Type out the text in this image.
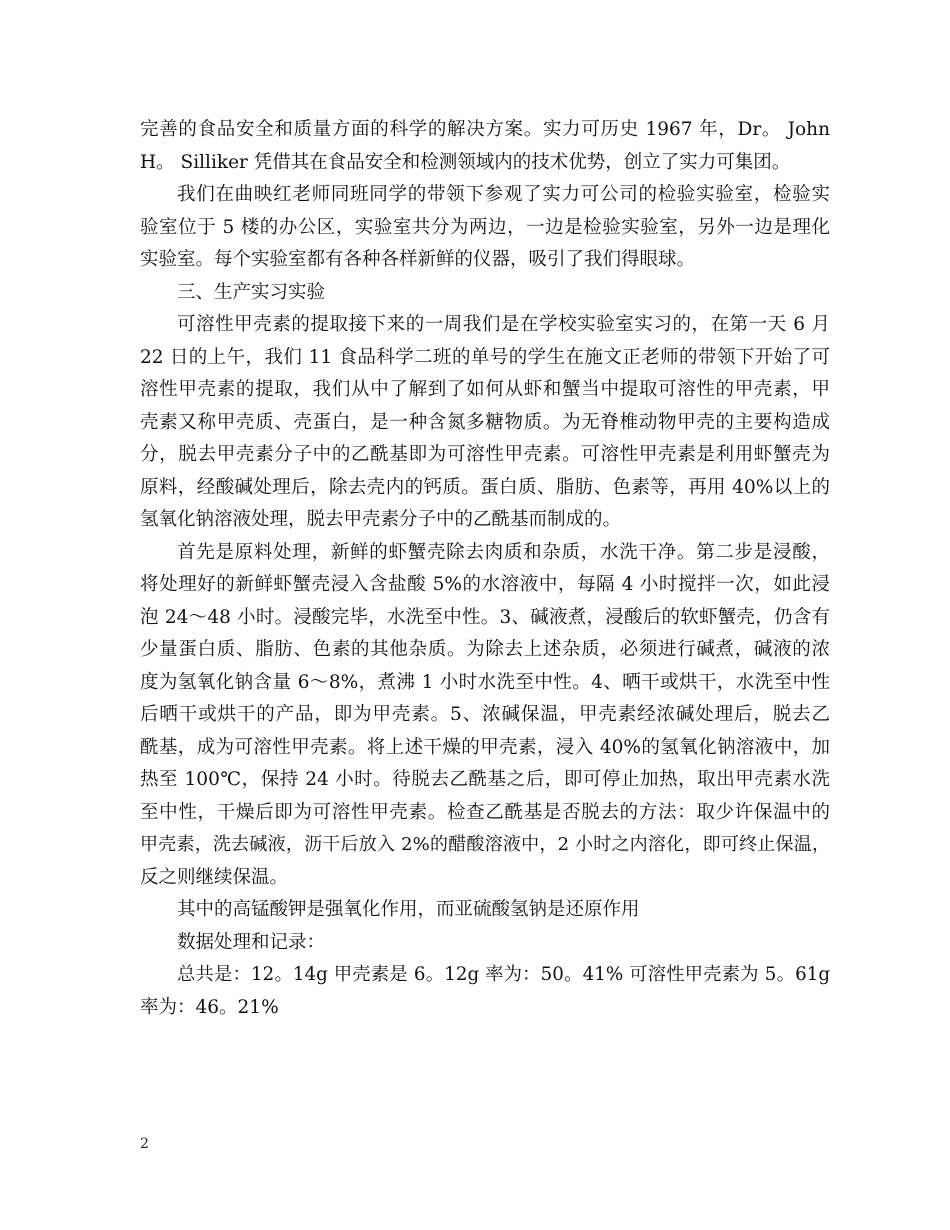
完善的食品安全和质量方面的科学的解决方案。实力可历史 1967 年，Dr。 John
H。 Silliker 凭借其在食品安全和检测领域内的技术优势，创立了实力可集团。
我们在曲映红老师同班同学的带领下参观了实力可公司的检验实验室，检验实
验室位于 5 楼的办公区，实验室共分为两边，一边是检验实验室，另外一边是理化
实验室。每个实验室都有各种各样新鲜的仪器，吸引了我们得眼球。
三、生产实习实验
可溶性甲壳素的提取接下来的一周我们是在学校实验室实习的，在第一天 6 月
22 日的上午，我们 11 食品科学二班的单号的学生在施文正老师的带领下开始了可
溶性甲壳素的提取，我们从中了解到了如何从虾和蟹当中提取可溶性的甲壳素，甲
壳素又称甲壳质、壳蛋白，是一种含氮多糖物质。为无脊椎动物甲壳的主要构造成
分，脱去甲壳素分子中的乙酰基即为可溶性甲壳素。可溶性甲壳素是利用虾蟹壳为
原料，经酸碱处理后，除去壳内的钙质。蛋白质、脂肪、色素等，再用 40%以上的
氢氧化钠溶液处理，脱去甲壳素分子中的乙酰基而制成的。
首先是原料处理，新鲜的虾蟹壳除去肉质和杂质，水洗干净。第二步是浸酸，
将处理好的新鲜虾蟹壳浸入含盐酸 5%的水溶液中，每隔 4 小时搅拌一次，如此浸
泡 24～48 小时。浸酸完毕，水洗至中性。3、碱液煮，浸酸后的软虾蟹壳，仍含有
少量蛋白质、脂肪、色素的其他杂质。为除去上述杂质，必须进行碱煮，碱液的浓
度为氢氧化钠含量 6～8%，煮沸 1 小时水洗至中性。4、晒干或烘干，水洗至中性
后晒干或烘干的产品，即为甲壳素。5、浓碱保温，甲壳素经浓碱处理后，脱去乙
酰基，成为可溶性甲壳素。将上述干燥的甲壳素，浸入 40%的氢氧化钠溶液中，加
热至 100℃，保持 24 小时。待脱去乙酰基之后，即可停止加热，取出甲壳素水洗
至中性，干燥后即为可溶性甲壳素。检查乙酰基是否脱去的方法：取少许保温中的
甲壳素，洗去碱液，沥干后放入 2%的醋酸溶液中，2 小时之内溶化，即可终止保温，
反之则继续保温。
其中的高锰酸钾是强氧化作用，而亚硫酸氢钠是还原作用
数据处理和记录：
总共是：12。14g 甲壳素是 6。12g 率为：50。41% 可溶性甲壳素为 5。61g
率为：46。21%
2
